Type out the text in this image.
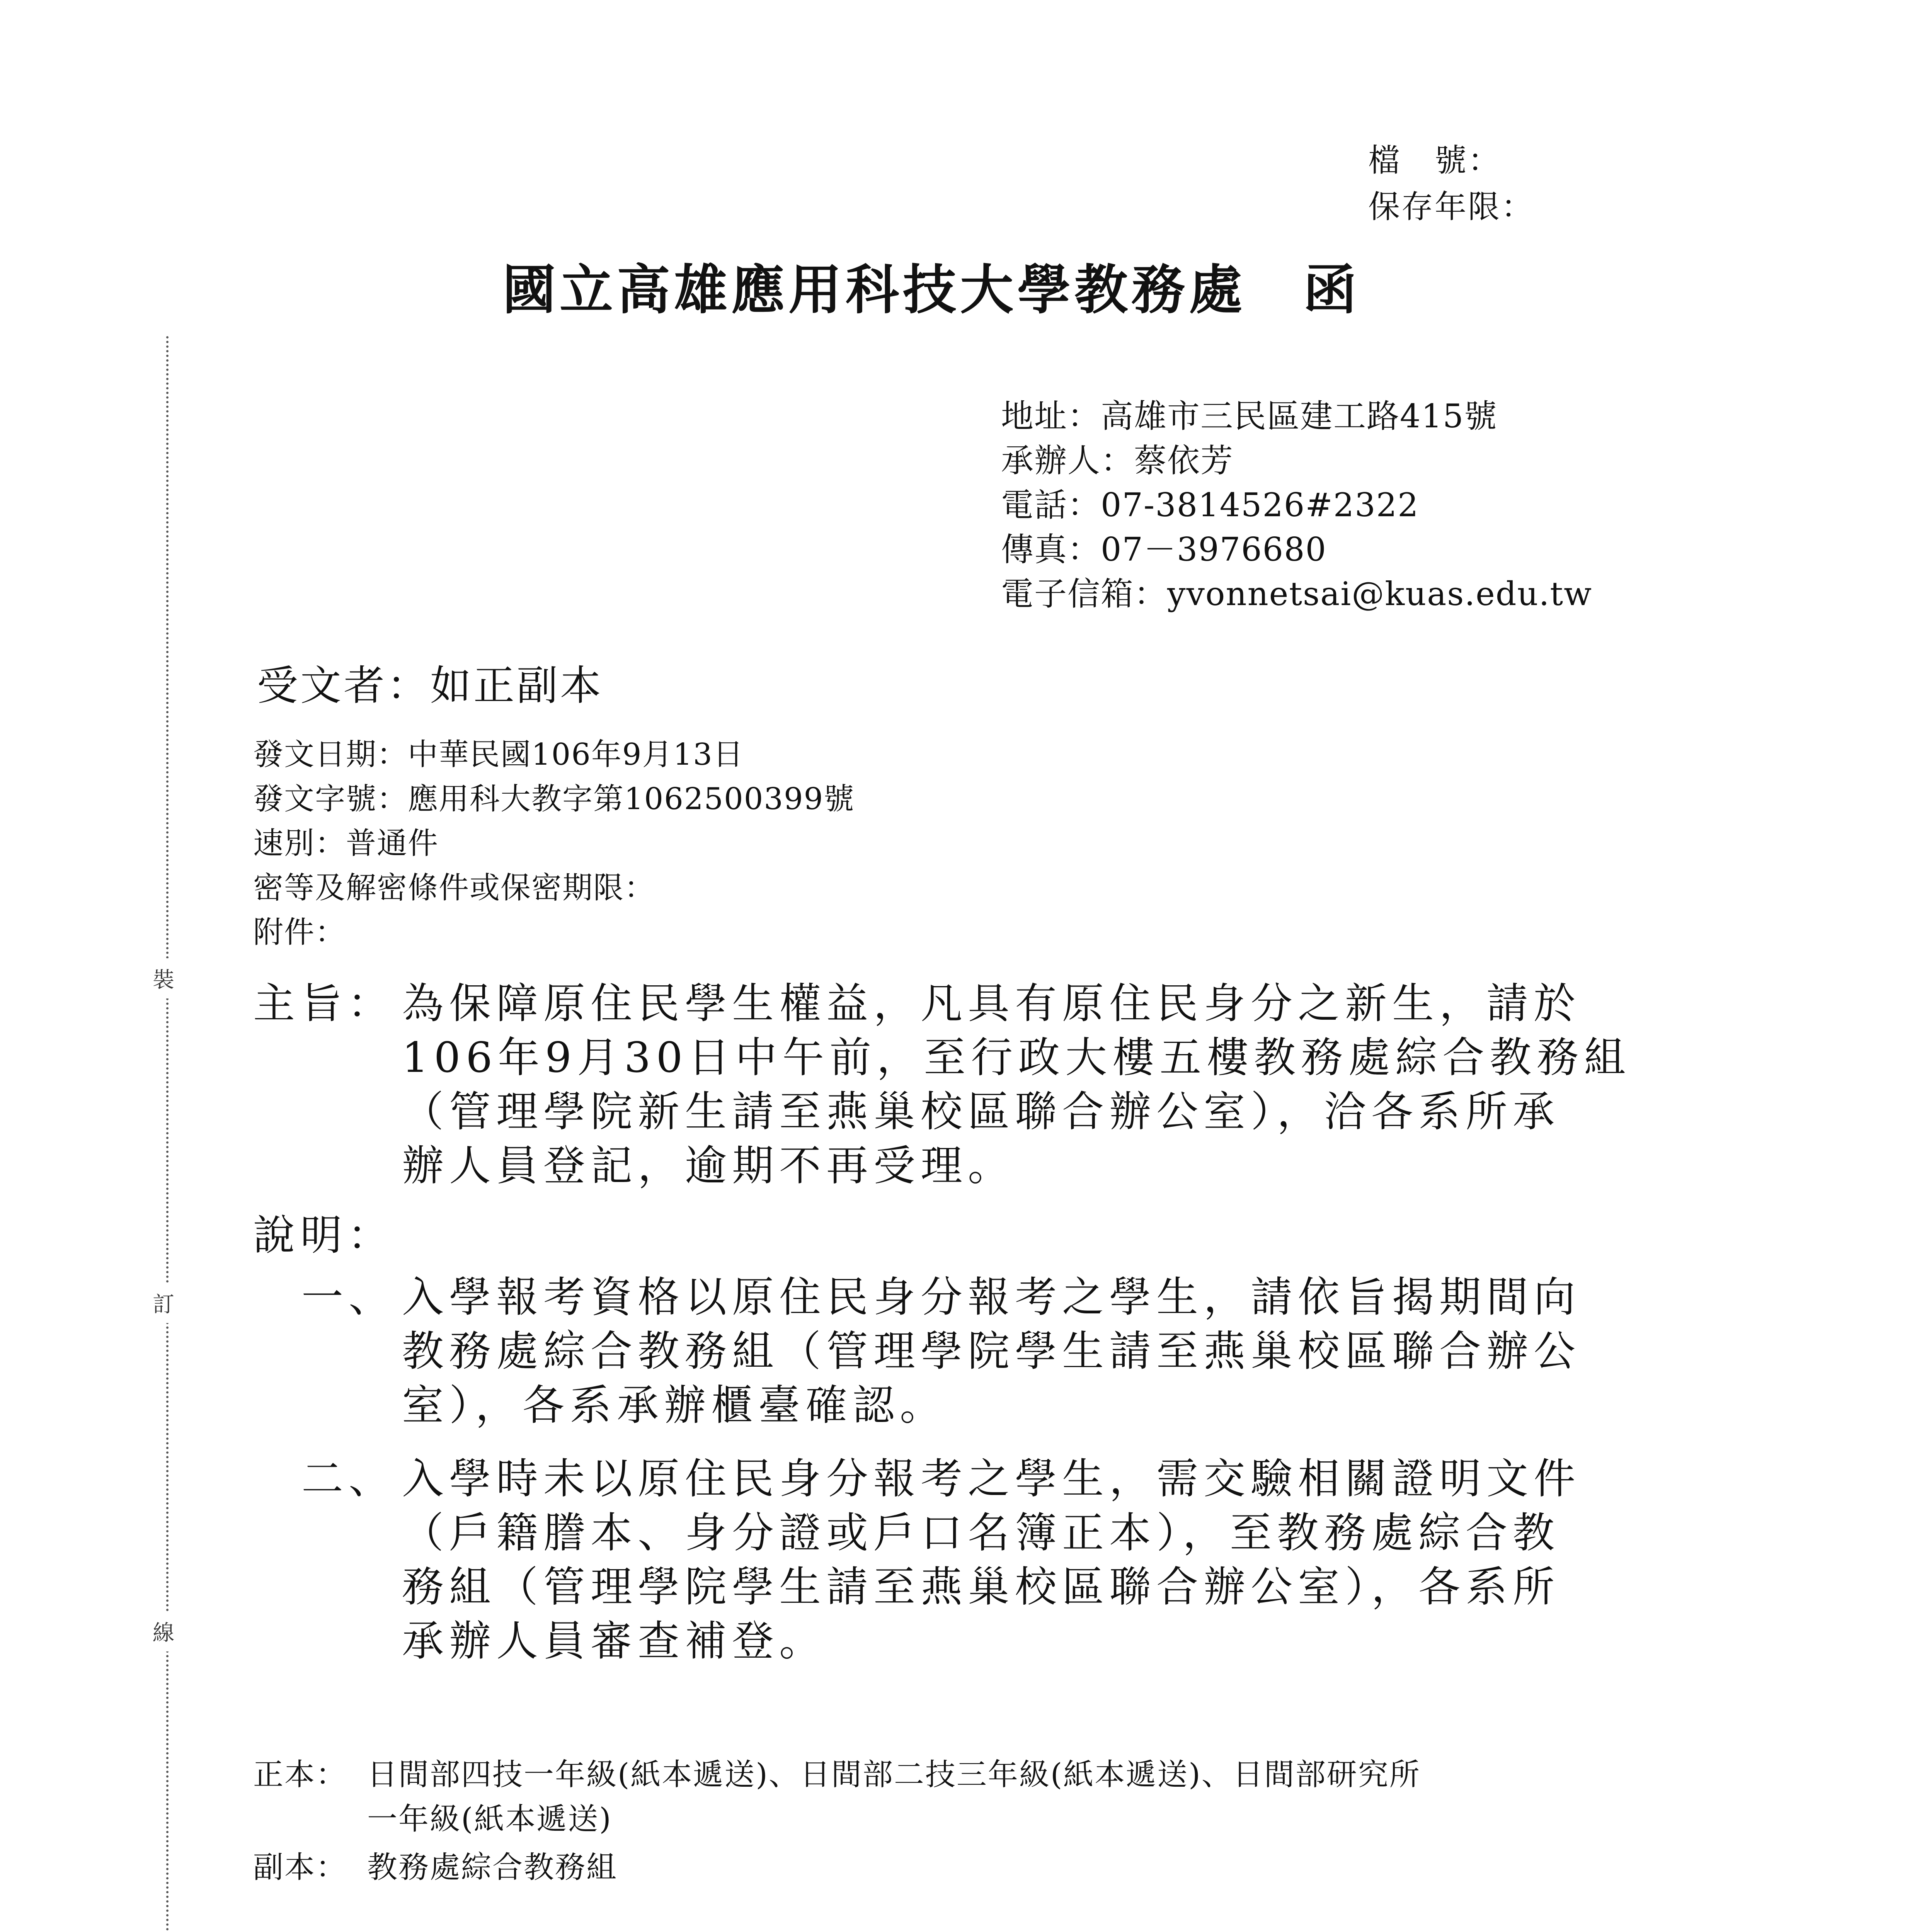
檔　號：
保存年限：
國立高雄應用科技大學教務處　函
地址：高雄市三民區建工路415號
承辦人：蔡依芳
電話：07-3814526#2322
傳真：07－3976680
電子信箱：yvonnetsai@kuas.edu.tw
受文者：如正副本
發文日期：中華民國106年9月13日
發文字號：應用科大教字第1062500399號
速別：普通件
密等及解密條件或保密期限：
附件：
主旨： 為保障原住民學生權益，凡具有原住民身分之新生，請於
106年9月30日中午前，至行政大樓五樓教務處綜合教務組
（管理學院新生請至燕巢校區聯合辦公室），洽各系所承
辦人員登記，逾期不再受理。
說明：
一、 入學報考資格以原住民身分報考之學生，請依旨揭期間向
教務處綜合教務組（管理學院學生請至燕巢校區聯合辦公
室），各系承辦櫃臺確認。
二、 入學時未以原住民身分報考之學生，需交驗相關證明文件
（戶籍謄本、身分證或戶口名簿正本），至教務處綜合教
務組（管理學院學生請至燕巢校區聯合辦公室），各系所
承辦人員審查補登。
正本： 日間部四技一年級(紙本遞送)、日間部二技三年級(紙本遞送)、日間部研究所
一年級(紙本遞送)
副本： 教務處綜合教務組
裝
訂
線
